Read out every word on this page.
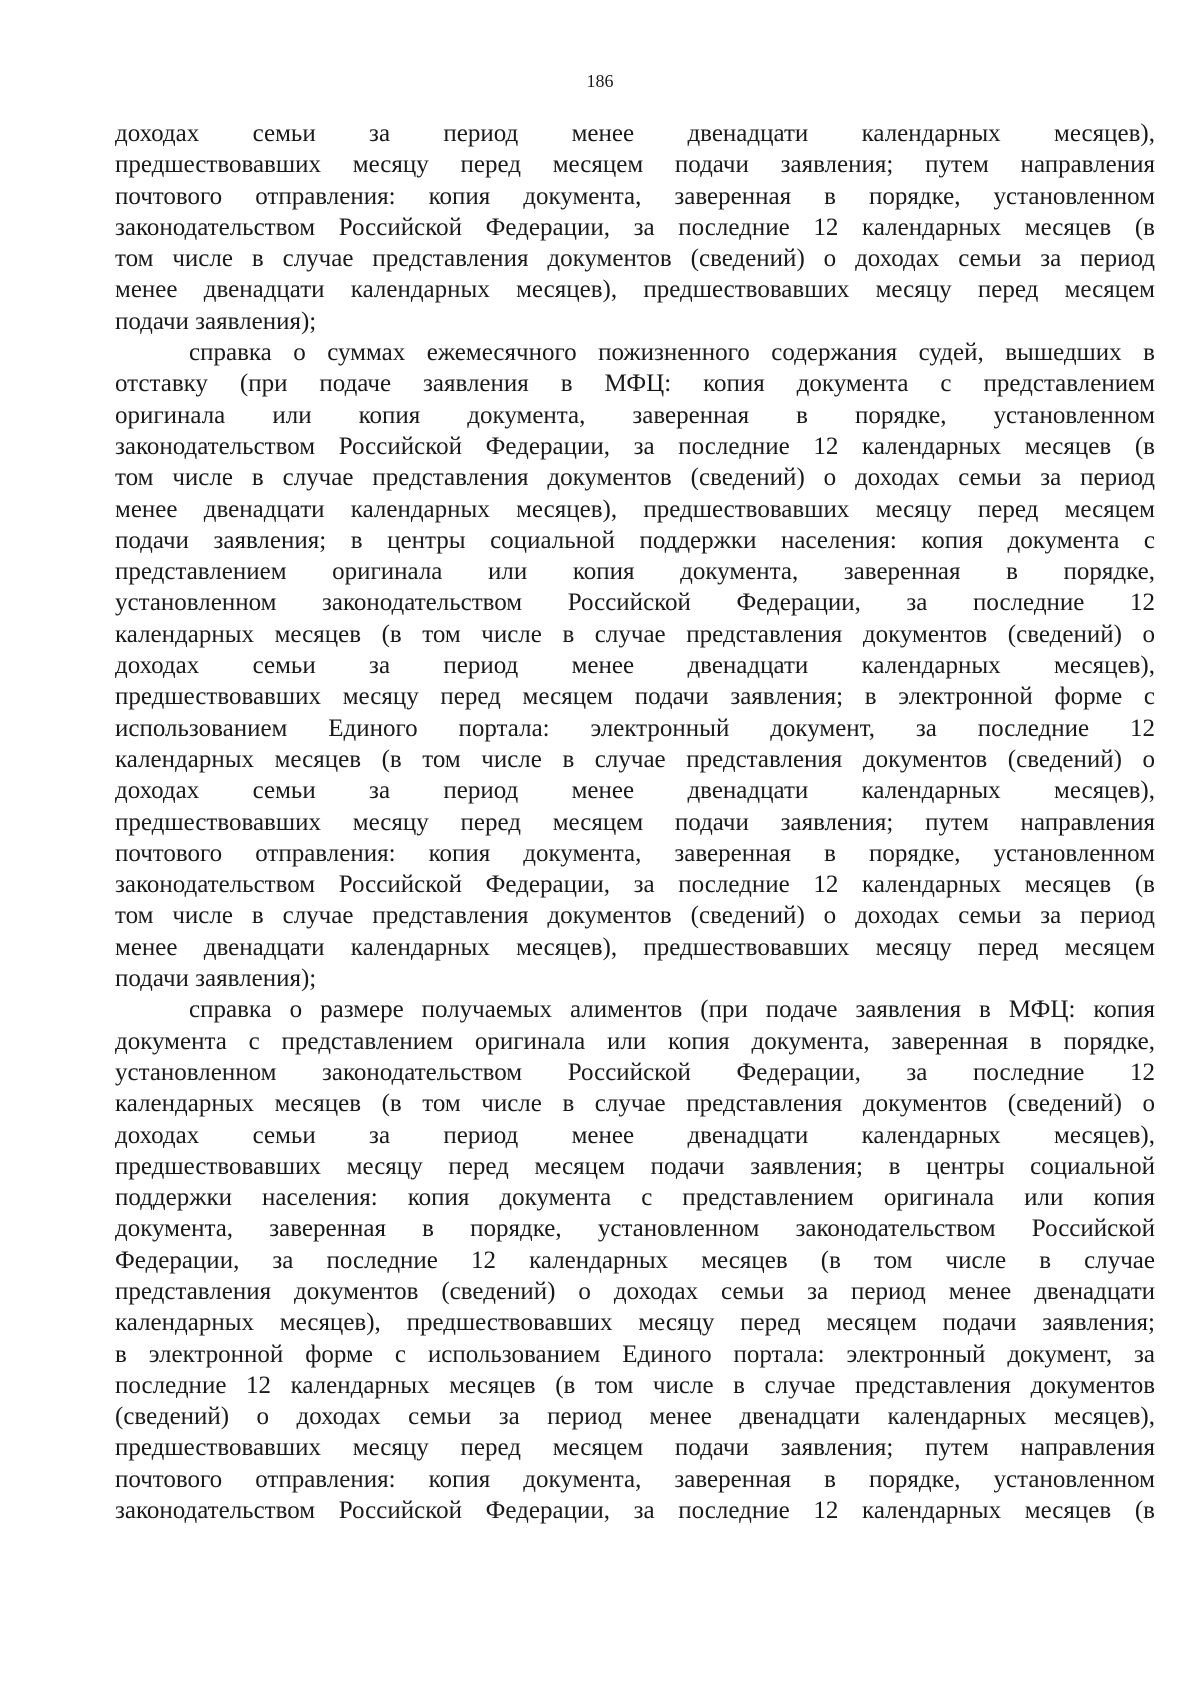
186
доходах семьи за период менее двенадцати календарных месяцев),
предшествовавших месяцу перед месяцем подачи заявления; путем направления
почтового отправления: копия документа, заверенная в порядке, установленном
законодательством Российской Федерации, за последние 12 календарных месяцев (в
том числе в случае представления документов (сведений) о доходах семьи за период
менее двенадцати календарных месяцев), предшествовавших месяцу перед месяцем
подачи заявления);
справка о суммах ежемесячного пожизненного содержания судей, вышедших в
отставку (при подаче заявления в МФЦ: копия документа с представлением
оригинала или копия документа, заверенная в порядке, установленном
законодательством Российской Федерации, за последние 12 календарных месяцев (в
том числе в случае представления документов (сведений) о доходах семьи за период
менее двенадцати календарных месяцев), предшествовавших месяцу перед месяцем
подачи заявления; в центры социальной поддержки населения: копия документа с
представлением оригинала или копия документа, заверенная в порядке,
установленном законодательством Российской Федерации, за последние 12
календарных месяцев (в том числе в случае представления документов (сведений) о
доходах семьи за период менее двенадцати календарных месяцев),
предшествовавших месяцу перед месяцем подачи заявления; в электронной форме с
использованием Единого портала: электронный документ, за последние 12
календарных месяцев (в том числе в случае представления документов (сведений) о
доходах семьи за период менее двенадцати календарных месяцев),
предшествовавших месяцу перед месяцем подачи заявления; путем направления
почтового отправления: копия документа, заверенная в порядке, установленном
законодательством Российской Федерации, за последние 12 календарных месяцев (в
том числе в случае представления документов (сведений) о доходах семьи за период
менее двенадцати календарных месяцев), предшествовавших месяцу перед месяцем
подачи заявления);
справка о размере получаемых алиментов (при подаче заявления в МФЦ: копия
документа с представлением оригинала или копия документа, заверенная в порядке,
установленном законодательством Российской Федерации, за последние 12
календарных месяцев (в том числе в случае представления документов (сведений) о
доходах семьи за период менее двенадцати календарных месяцев),
предшествовавших месяцу перед месяцем подачи заявления; в центры социальной
поддержки населения: копия документа с представлением оригинала или копия
документа, заверенная в порядке, установленном законодательством Российской
Федерации, за последние 12 календарных месяцев (в том числе в случае
представления документов (сведений) о доходах семьи за период менее двенадцати
календарных месяцев), предшествовавших месяцу перед месяцем подачи заявления;
в электронной форме с использованием Единого портала: электронный документ, за
последние 12 календарных месяцев (в том числе в случае представления документов
(сведений) о доходах семьи за период менее двенадцати календарных месяцев),
предшествовавших месяцу перед месяцем подачи заявления; путем направления
почтового отправления: копия документа, заверенная в порядке, установленном
законодательством Российской Федерации, за последние 12 календарных месяцев (в
